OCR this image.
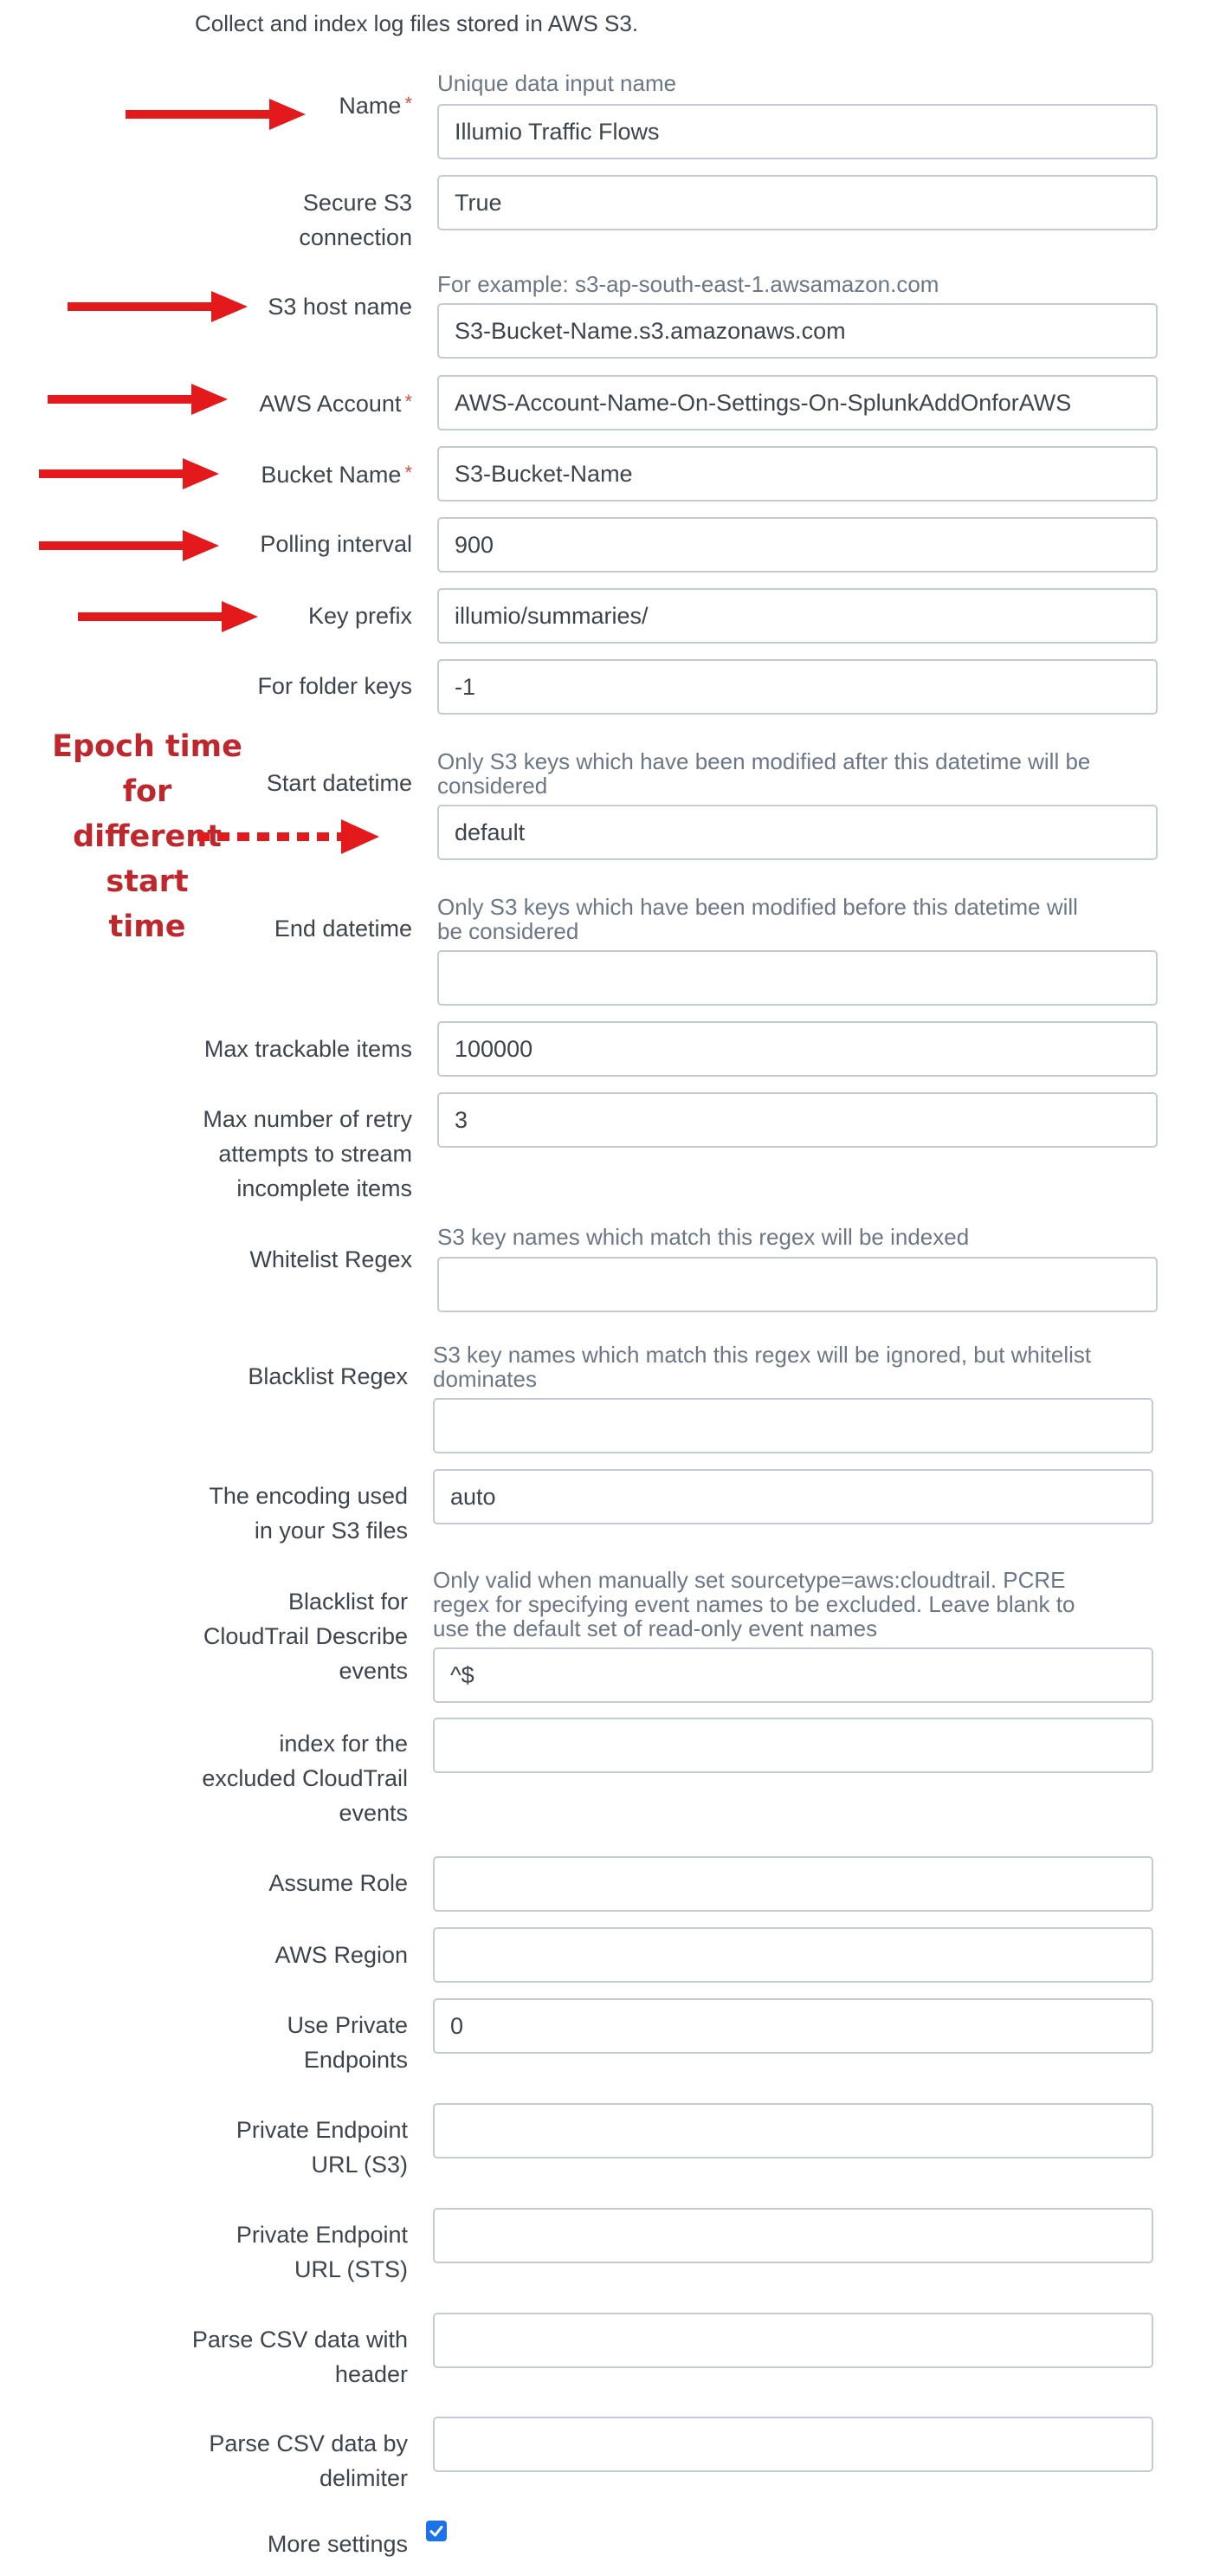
Collect and index log files stored in AWS S3.
Name *
Unique data input name
Illumio Traffic Flows
Secure S3
connection
True
S3 host name
For example: s3-ap-south-east-1.awsamazon.com
S3-Bucket-Name.s3.amazonaws.com
AWS Account *
AWS-Account-Name-On-Settings-On-SplunkAddOnforAWS
Bucket Name *
S3-Bucket-Name
Polling interval
900
Key prefix
illumio/summaries/
For folder keys
-1
Start datetime
Only S3 keys which have been modified after this datetime will be
considered
default
End datetime
Only S3 keys which have been modified before this datetime will
be considered
Max trackable items
100000
Max number of retry
attempts to stream
incomplete items
3
Whitelist Regex
S3 key names which match this regex will be indexed
Blacklist Regex
S3 key names which match this regex will be ignored, but whitelist
dominates
The encoding used
in your S3 files
auto
Blacklist for
CloudTrail Describe
events
Only valid when manually set sourcetype=aws:cloudtrail. PCRE
regex for specifying event names to be excluded. Leave blank to
use the default set of read-only event names
^$
index for the
excluded CloudTrail
events
Assume Role
AWS Region
Use Private
Endpoints
0
Private Endpoint
URL (S3)
Private Endpoint
URL (STS)
Parse CSV data with
header
Parse CSV data by
delimiter
More settings
Epoch time for
different start
time
